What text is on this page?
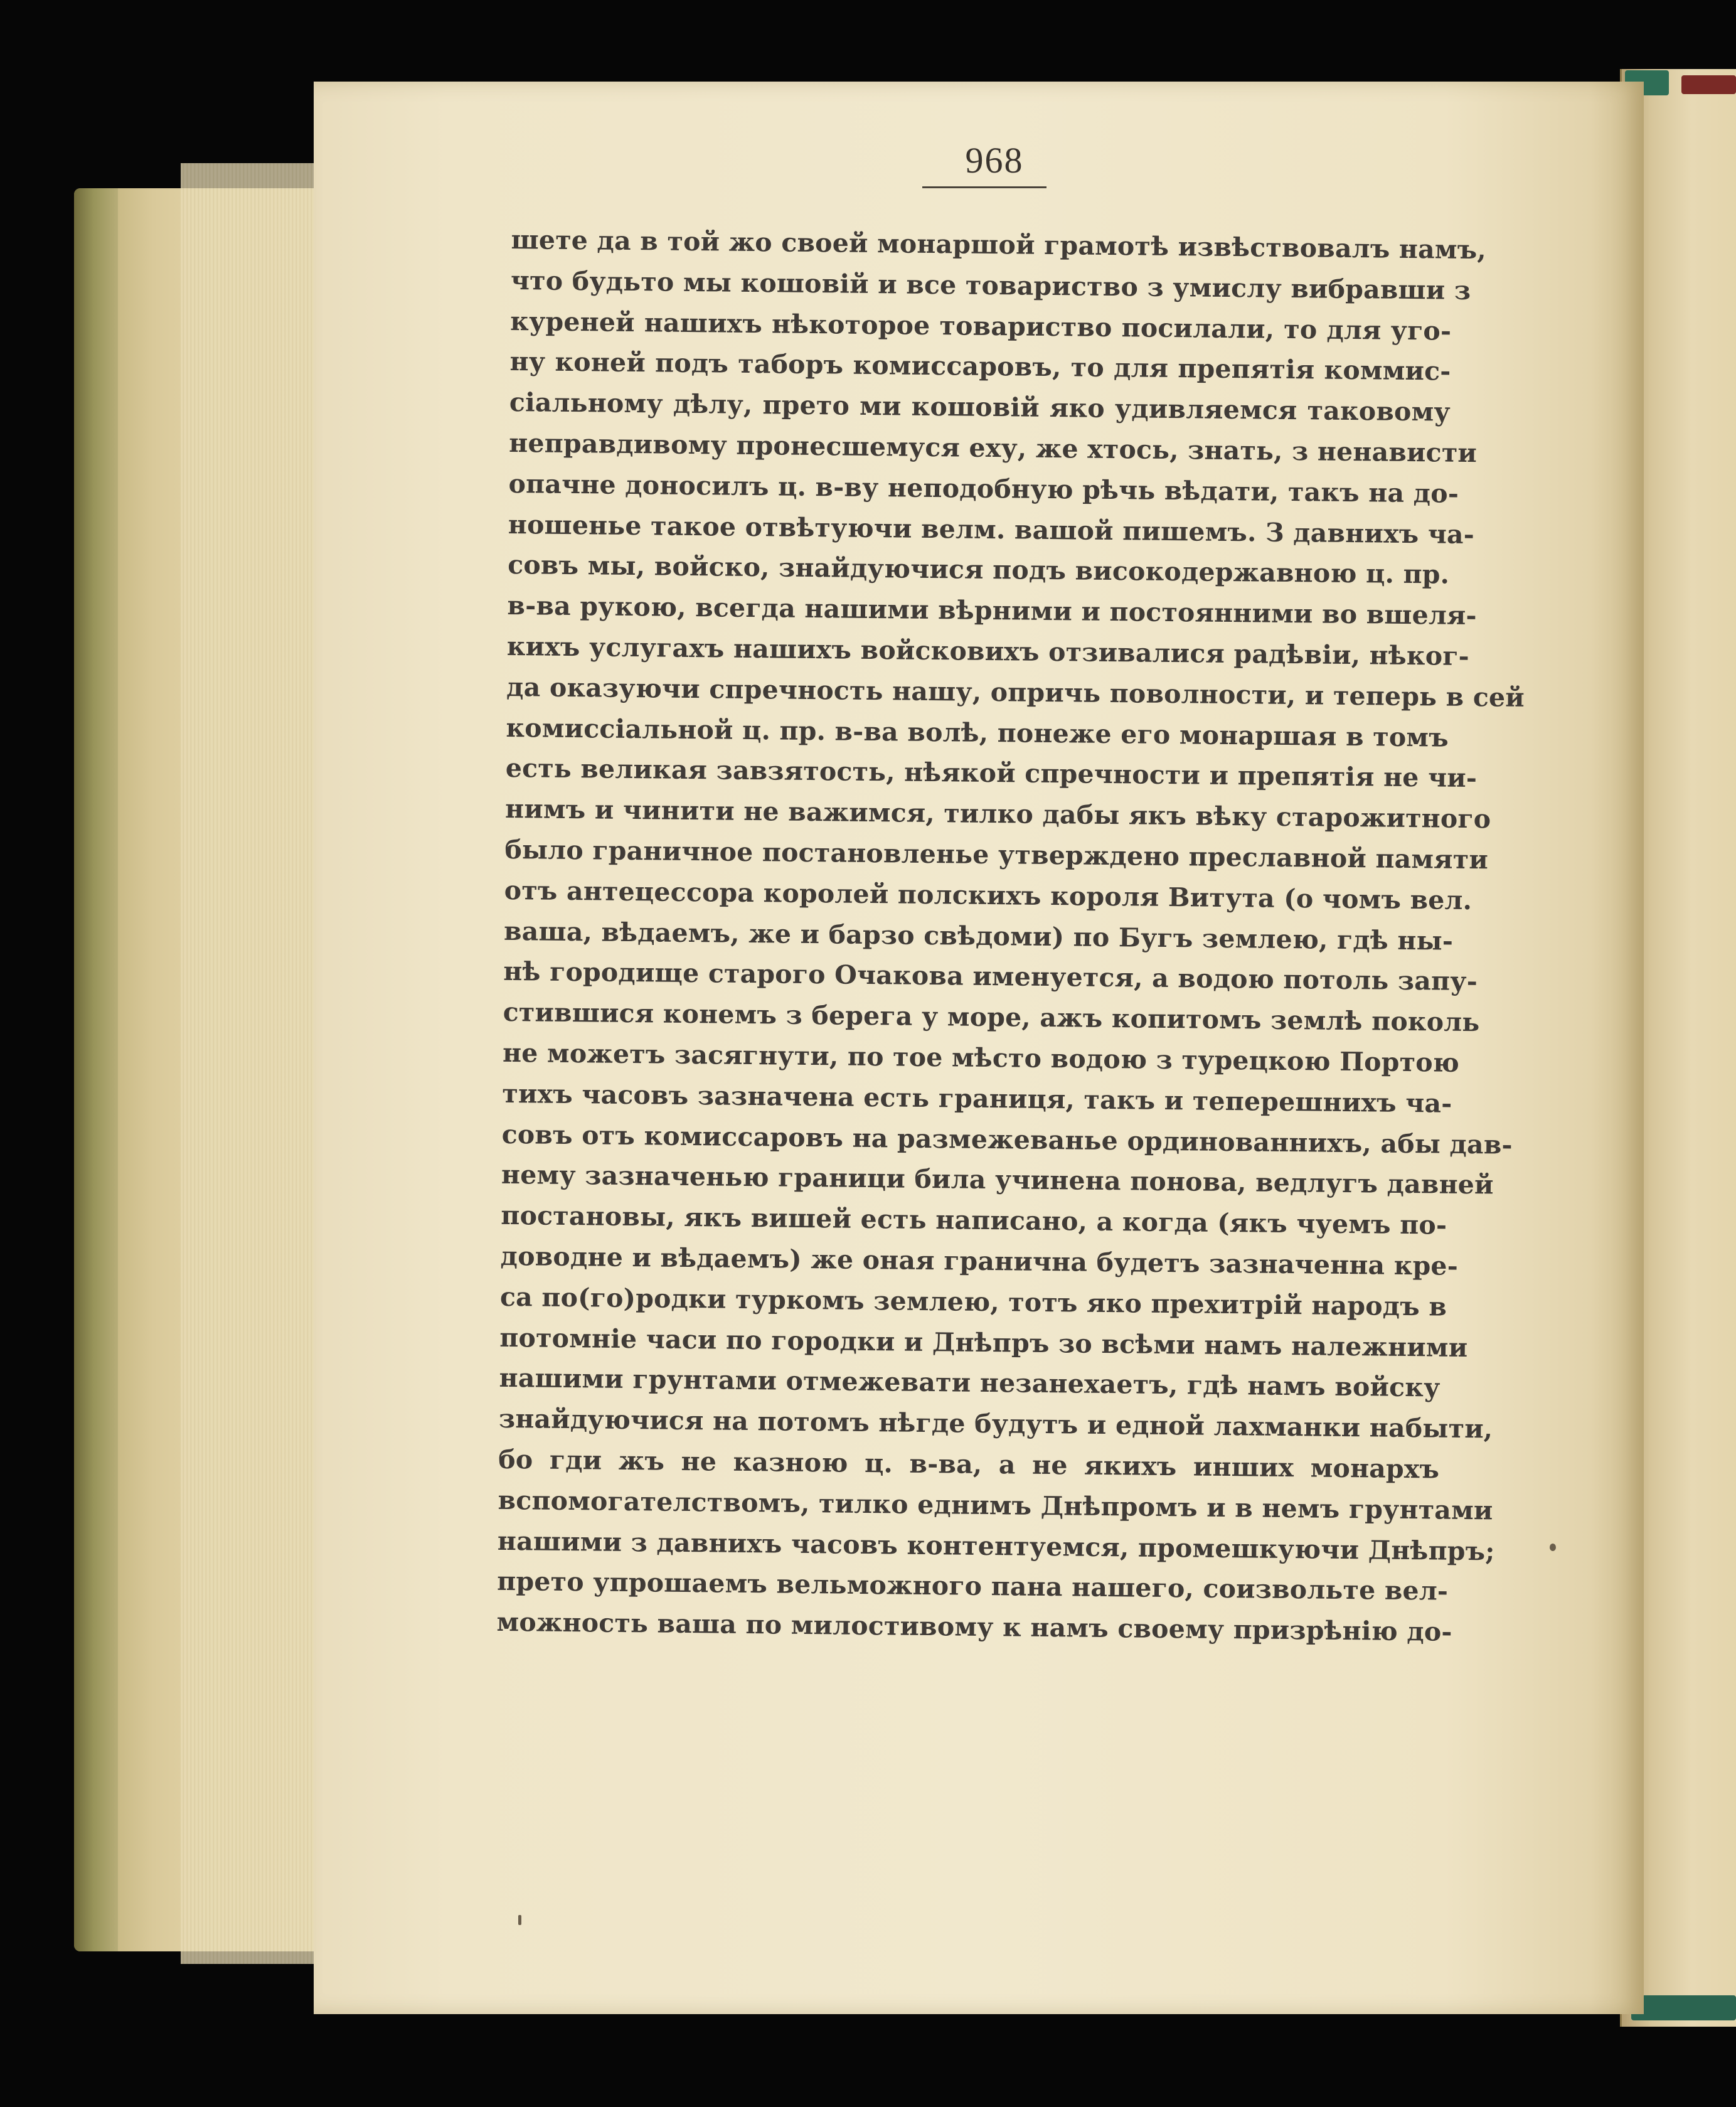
968
шете да в той жо своей монаршой грамотѣ извѣствовалъ намъ,
что будьто мы кошовій и все товариство з умислу вибравши з
куреней нашихъ нѣкоторое товариство посилали, то для уго-
ну коней подъ таборъ комиссаровъ, то для препятія коммис-
сіальному дѣлу, прето ми кошовій яко удивляемся таковому
неправдивому пронесшемуся еху, же хтось, знать, з ненависти
опачне доносилъ ц. в-ву неподобную рѣчь вѣдати, такъ на до-
ношенье такое отвѣтуючи велм. вашой пишемъ. З давнихъ ча-
совъ мы, войско, знайдуючися подъ високодержавною ц. пр.
в-ва рукою, всегда нашими вѣрними и постоянними во вшеля-
кихъ услугахъ нашихъ войсковихъ отзивалися радѣвіи, нѣког-
да оказуючи спречность нашу, опричь поволности, и теперь в сей
комиссіальной ц. пр. в-ва волѣ, понеже его монаршая в томъ
есть великая завзятость, нѣякой спречности и препятія не чи-
нимъ и чинити не важимся, тилко дабы якъ вѣку старожитного
было граничное постановленье утверждено преславной памяти
отъ антецессора королей полскихъ короля Витута (о чомъ вел.
ваша, вѣдаемъ, же и барзо свѣдоми) по Бугъ землею, гдѣ ны-
нѣ городище старого Очакова именуется, а водою потоль запу-
стившися конемъ з берега у море, ажъ копитомъ землѣ поколь
не можетъ засягнути, по тое мѣсто водою з турецкою Портою
тихъ часовъ зазначена есть границя, такъ и теперешнихъ ча-
совъ отъ комиссаровъ на размежеванье ординованнихъ, абы дав-
нему зазначенью граници била учинена понова, ведлугъ давней
постановы, якъ вишей есть написано, а когда (якъ чуемъ по-
доводне и вѣдаемъ) же оная гранична будетъ зазначенна кре-
са по(го)родки туркомъ землею, тотъ яко прехитрій народъ в
потомніе часи по городки и Днѣпръ зо всѣми намъ належними
нашими грунтами отмежевати незанехаетъ, гдѣ намъ войску
знайдуючися на потомъ нѣгде будутъ и едной лахманки набыти,
бо гди жъ не казною ц. в-ва, а не якихъ инших монархъ
вспомогателствомъ, тилко еднимъ Днѣпромъ и в немъ грунтами
нашими з давнихъ часовъ контентуемся, промешкуючи Днѣпръ;
прето упрошаемъ вельможного пана нашего, соизвольте вел-
можность ваша по милостивому к намъ своему призрѣнію до-
